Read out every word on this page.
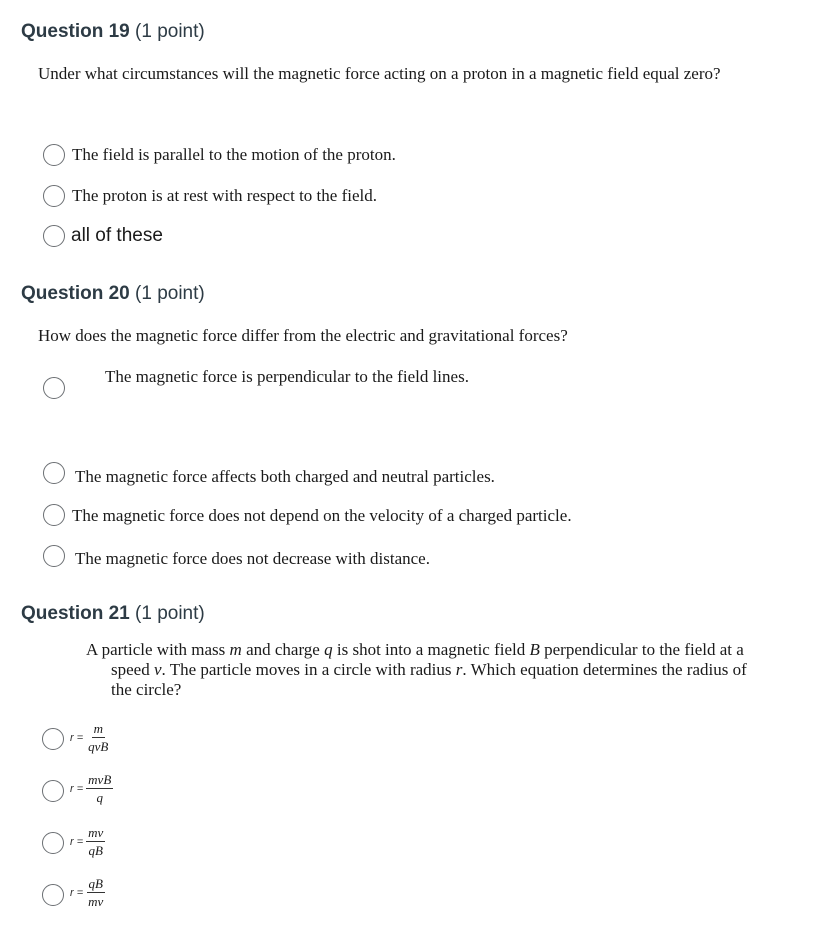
Question 19 (1 point)
Under what circumstances will the magnetic force acting on a proton in a magnetic field equal zero?
The field is parallel to the motion of the proton.
The proton is at rest with respect to the field.
all of these
Question 20 (1 point)
How does the magnetic force differ from the electric and gravitational forces?
The magnetic force is perpendicular to the field lines.
The magnetic force affects both charged and neutral particles.
The magnetic force does not depend on the velocity of a charged particle.
The magnetic force does not decrease with distance.
Question 21 (1 point)
A particle with mass m and charge q is shot into a magnetic field B perpendicular to the field at a speed v. The particle moves in a circle with radius r. Which equation determines the radius of the circle?
$r = \frac{m}{\text{qvB}}$
$r = \frac{\text{mvB}}{q}$
$r = \frac{mv}{qB}$
$r = \frac{qB}{mv}$
